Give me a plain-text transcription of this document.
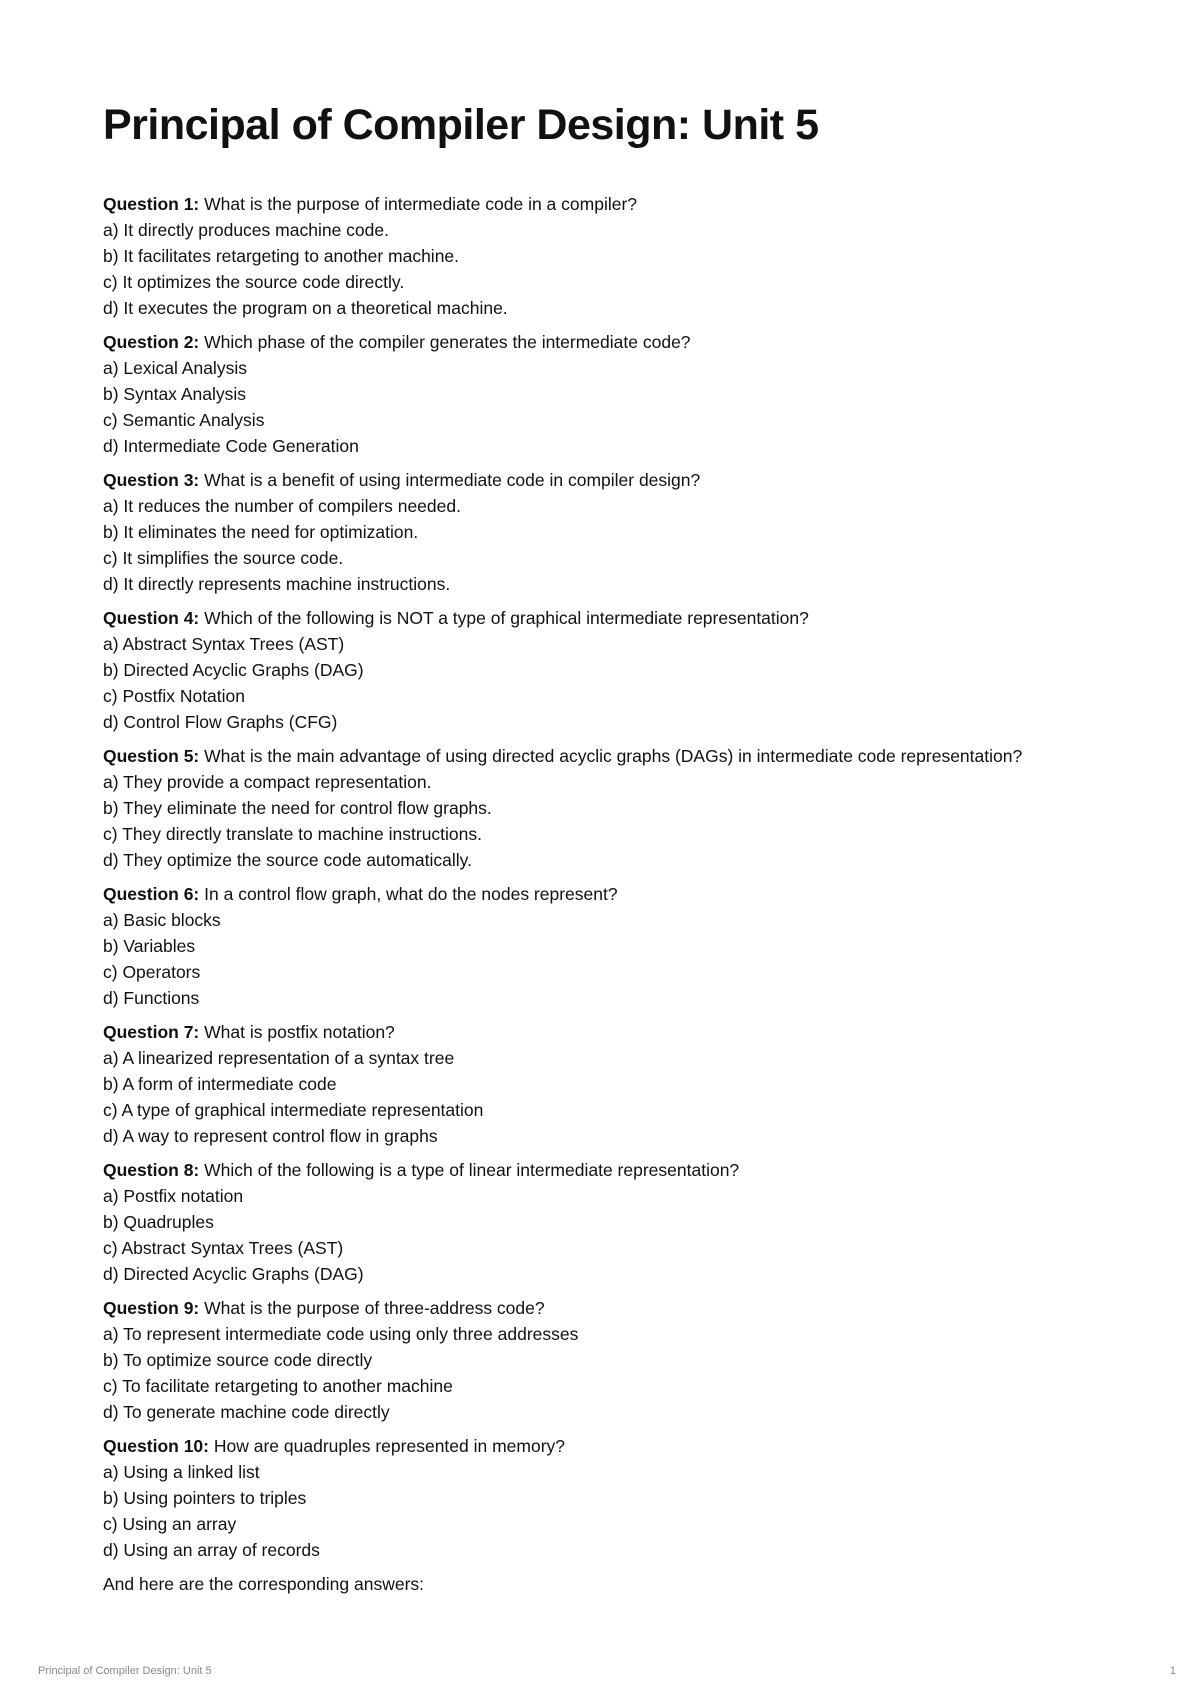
Principal of Compiler Design: Unit 5
Question 1: What is the purpose of intermediate code in a compiler?
a) It directly produces machine code.
b) It facilitates retargeting to another machine.
c) It optimizes the source code directly.
d) It executes the program on a theoretical machine.
Question 2: Which phase of the compiler generates the intermediate code?
a) Lexical Analysis
b) Syntax Analysis
c) Semantic Analysis
d) Intermediate Code Generation
Question 3: What is a benefit of using intermediate code in compiler design?
a) It reduces the number of compilers needed.
b) It eliminates the need for optimization.
c) It simplifies the source code.
d) It directly represents machine instructions.
Question 4: Which of the following is NOT a type of graphical intermediate representation?
a) Abstract Syntax Trees (AST)
b) Directed Acyclic Graphs (DAG)
c) Postfix Notation
d) Control Flow Graphs (CFG)
Question 5: What is the main advantage of using directed acyclic graphs (DAGs) in intermediate code representation?
a) They provide a compact representation.
b) They eliminate the need for control flow graphs.
c) They directly translate to machine instructions.
d) They optimize the source code automatically.
Question 6: In a control flow graph, what do the nodes represent?
a) Basic blocks
b) Variables
c) Operators
d) Functions
Question 7: What is postfix notation?
a) A linearized representation of a syntax tree
b) A form of intermediate code
c) A type of graphical intermediate representation
d) A way to represent control flow in graphs
Question 8: Which of the following is a type of linear intermediate representation?
a) Postfix notation
b) Quadruples
c) Abstract Syntax Trees (AST)
d) Directed Acyclic Graphs (DAG)
Question 9: What is the purpose of three-address code?
a) To represent intermediate code using only three addresses
b) To optimize source code directly
c) To facilitate retargeting to another machine
d) To generate machine code directly
Question 10: How are quadruples represented in memory?
a) Using a linked list
b) Using pointers to triples
c) Using an array
d) Using an array of records
And here are the corresponding answers:
Principal of Compiler Design: Unit 5	1
